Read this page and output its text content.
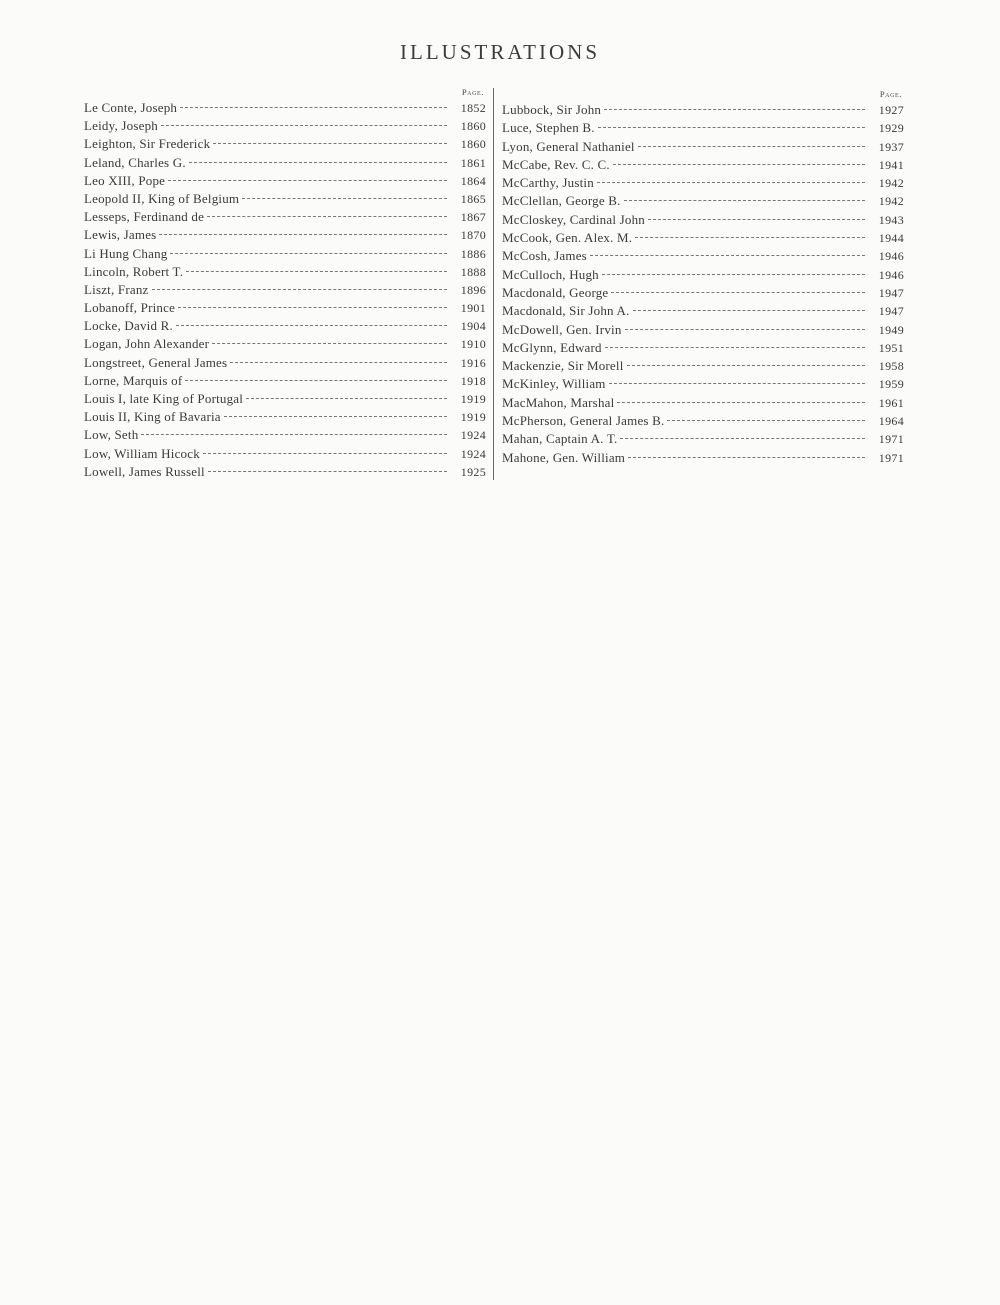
ILLUSTRATIONS
Page.
Le Conte, Joseph	1852
Leidy, Joseph	1860
Leighton, Sir Frederick	1860
Leland, Charles G.	1861
Leo XIII, Pope	1864
Leopold II, King of Belgium	1865
Lesseps, Ferdinand de	1867
Lewis, James	1870
Li Hung Chang	1886
Lincoln, Robert T.	1888
Liszt, Franz	1896
Lobanoff, Prince	1901
Locke, David R.	1904
Logan, John Alexander	1910
Longstreet, General James	1916
Lorne, Marquis of	1918
Louis I, late King of Portugal	1919
Louis II, King of Bavaria	1919
Low, Seth	1924
Low, William Hicock	1924
Lowell, James Russell	1925
Page.
Lubbock, Sir John	1927
Luce, Stephen B.	1929
Lyon, General Nathaniel	1937
McCabe, Rev. C. C.	1941
McCarthy, Justin	1942
McClellan, George B.	1942
McCloskey, Cardinal John	1943
McCook, Gen. Alex. M.	1944
McCosh, James	1946
McCulloch, Hugh	1946
Macdonald, George	1947
Macdonald, Sir John A.	1947
McDowell, Gen. Irvin	1949
McGlynn, Edward	1951
Mackenzie, Sir Morell	1958
McKinley, William	1959
MacMahon, Marshal	1961
McPherson, General James B.	1964
Mahan, Captain A. T.	1971
Mahone, Gen. William	1971
